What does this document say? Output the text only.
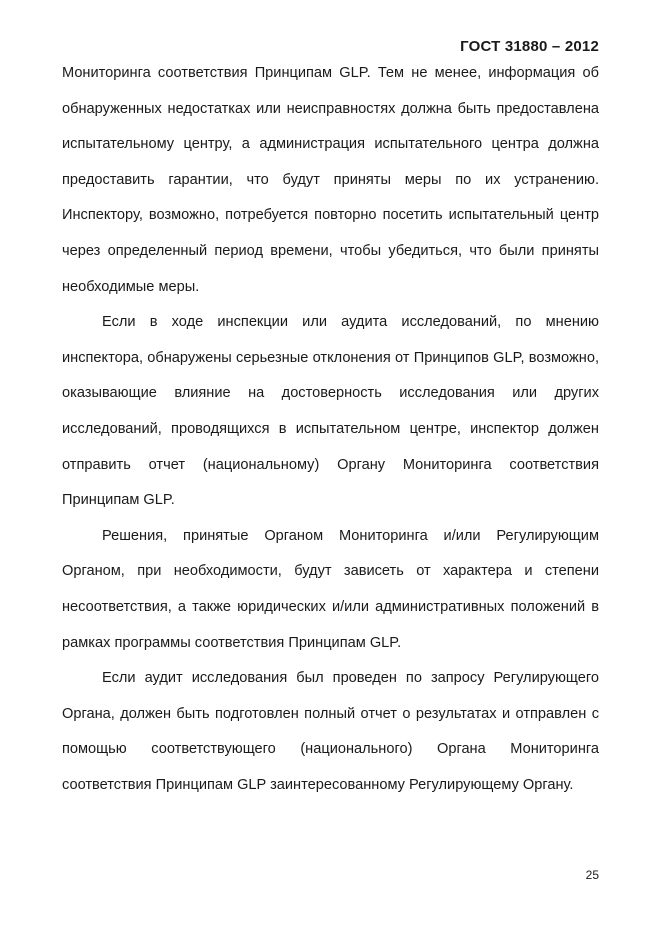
ГОСТ 31880 – 2012

Мониторинга соответствия Принципам GLP. Тем не менее, информация об обнаруженных недостатках или неисправностях должна быть предоставлена испытательному центру, а администрация испытательного центра должна предоставить гарантии, что будут приняты меры по их устранению. Инспектору, возможно, потребуется повторно посетить испытательный центр через определенный период времени, чтобы убедиться, что были приняты необходимые меры.

Если в ходе инспекции или аудита исследований, по мнению инспектора, обнаружены серьезные отклонения от Принципов GLP, возможно, оказывающие влияние на достоверность исследования или других исследований, проводящихся в испытательном центре, инспектор должен отправить отчет (национальному) Органу Мониторинга соответствия Принципам GLP.

Решения, принятые Органом Мониторинга и/или Регулирующим Органом, при необходимости, будут зависеть от характера и степени несоответствия, а также юридических и/или административных положений в рамках программы соответствия Принципам GLP.

Если аудит исследования был проведен по запросу Регулирующего Органа, должен быть подготовлен полный отчет о результатах и отправлен с помощью соответствующего (национального) Органа Мониторинга соответствия Принципам GLP заинтересованному Регулирующему Органу.

25
